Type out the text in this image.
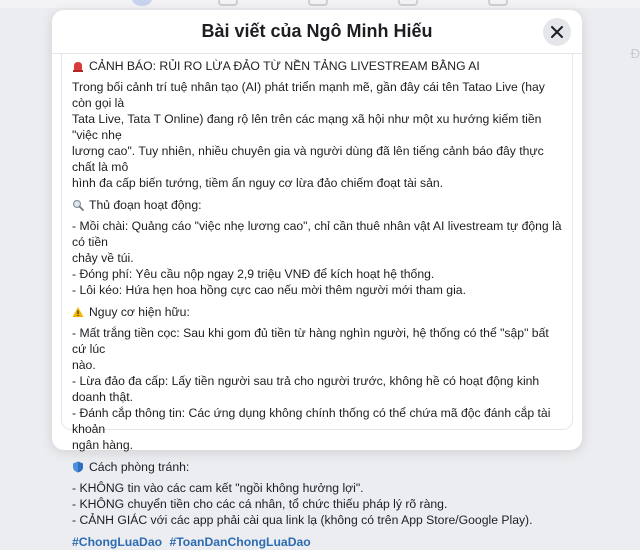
Đ
Bài viết của Ngô Minh Hiếu
CẢNH BÁO: RỦI RO LỪA ĐẢO TỪ NỀN TẢNG LIVESTREAM BẰNG AI
Trong bối cảnh trí tuệ nhân tạo (AI) phát triển mạnh mẽ, gần đây cái tên Tatao Live (hay còn gọi là
Tata Live, Tata T Online) đang rộ lên trên các mạng xã hội như một xu hướng kiếm tiền "việc nhẹ
lương cao". Tuy nhiên, nhiều chuyên gia và người dùng đã lên tiếng cảnh báo đây thực chất là mô
hình đa cấp biến tướng, tiềm ẩn nguy cơ lừa đảo chiếm đoạt tài sản.
Thủ đoạn hoạt động:
- Mồi chài: Quảng cáo "việc nhẹ lương cao", chỉ cần thuê nhân vật AI livestream tự động là có tiền
chảy về túi.
- Đóng phí: Yêu cầu nộp ngay 2,9 triệu VNĐ để kích hoạt hệ thống.
- Lôi kéo: Hứa hẹn hoa hồng cực cao nếu mời thêm người mới tham gia.
Nguy cơ hiện hữu:
- Mất trắng tiền cọc: Sau khi gom đủ tiền từ hàng nghìn người, hệ thống có thể "sập" bất cứ lúc
nào.
- Lừa đảo đa cấp: Lấy tiền người sau trả cho người trước, không hề có hoạt động kinh doanh thật.
- Đánh cắp thông tin: Các ứng dụng không chính thống có thể chứa mã độc đánh cắp tài khoản
ngân hàng.
Cách phòng tránh:
- KHÔNG tin vào các cam kết "ngồi không hưởng lợi".
- KHÔNG chuyển tiền cho các cá nhân, tổ chức thiếu pháp lý rõ ràng.
- CẢNH GIÁC với các app phải cài qua link lạ (không có trên App Store/Google Play).
#ChongLuaDao #ToanDanChongLuaDao
